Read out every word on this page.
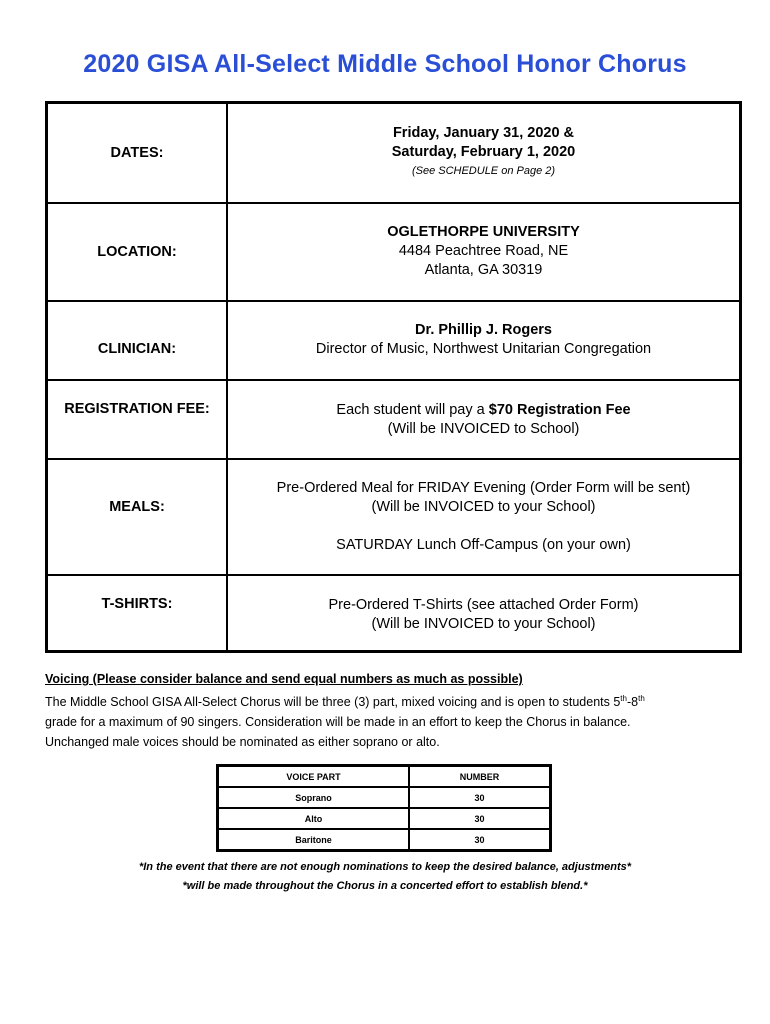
2020 GISA All-Select Middle School Honor Chorus
DATES:	Friday, January 31, 2020 &
Saturday, February 1, 2020
(See SCHEDULE on Page 2)

LOCATION:	OGLETHORPE UNIVERSITY
4484 Peachtree Road, NE
Atlanta, GA 30319

CLINICIAN:	Dr. Phillip J. Rogers
Director of Music, Northwest Unitarian Congregation

REGISTRATION FEE:	Each student will pay a $70 Registration Fee
(Will be INVOICED to School)

MEALS:	Pre-Ordered Meal for FRIDAY Evening (Order Form will be sent)
(Will be INVOICED to your School)
SATURDAY Lunch Off-Campus (on your own)

T-SHIRTS:	Pre-Ordered T-Shirts (see attached Order Form)
(Will be INVOICED to your School)
Voicing (Please consider balance and send equal numbers as much as possible)
The Middle School GISA All-Select Chorus will be three (3) part, mixed voicing and is open to students 5th-8th
grade for a maximum of 90 singers. Consideration will be made in an effort to keep the Chorus in balance.
Unchanged male voices should be nominated as either soprano or alto.
VOICE PART	NUMBER
Soprano	30
Alto	30
Baritone	30
*In the event that there are not enough nominations to keep the desired balance, adjustments*
*will be made throughout the Chorus in a concerted effort to establish blend.*
